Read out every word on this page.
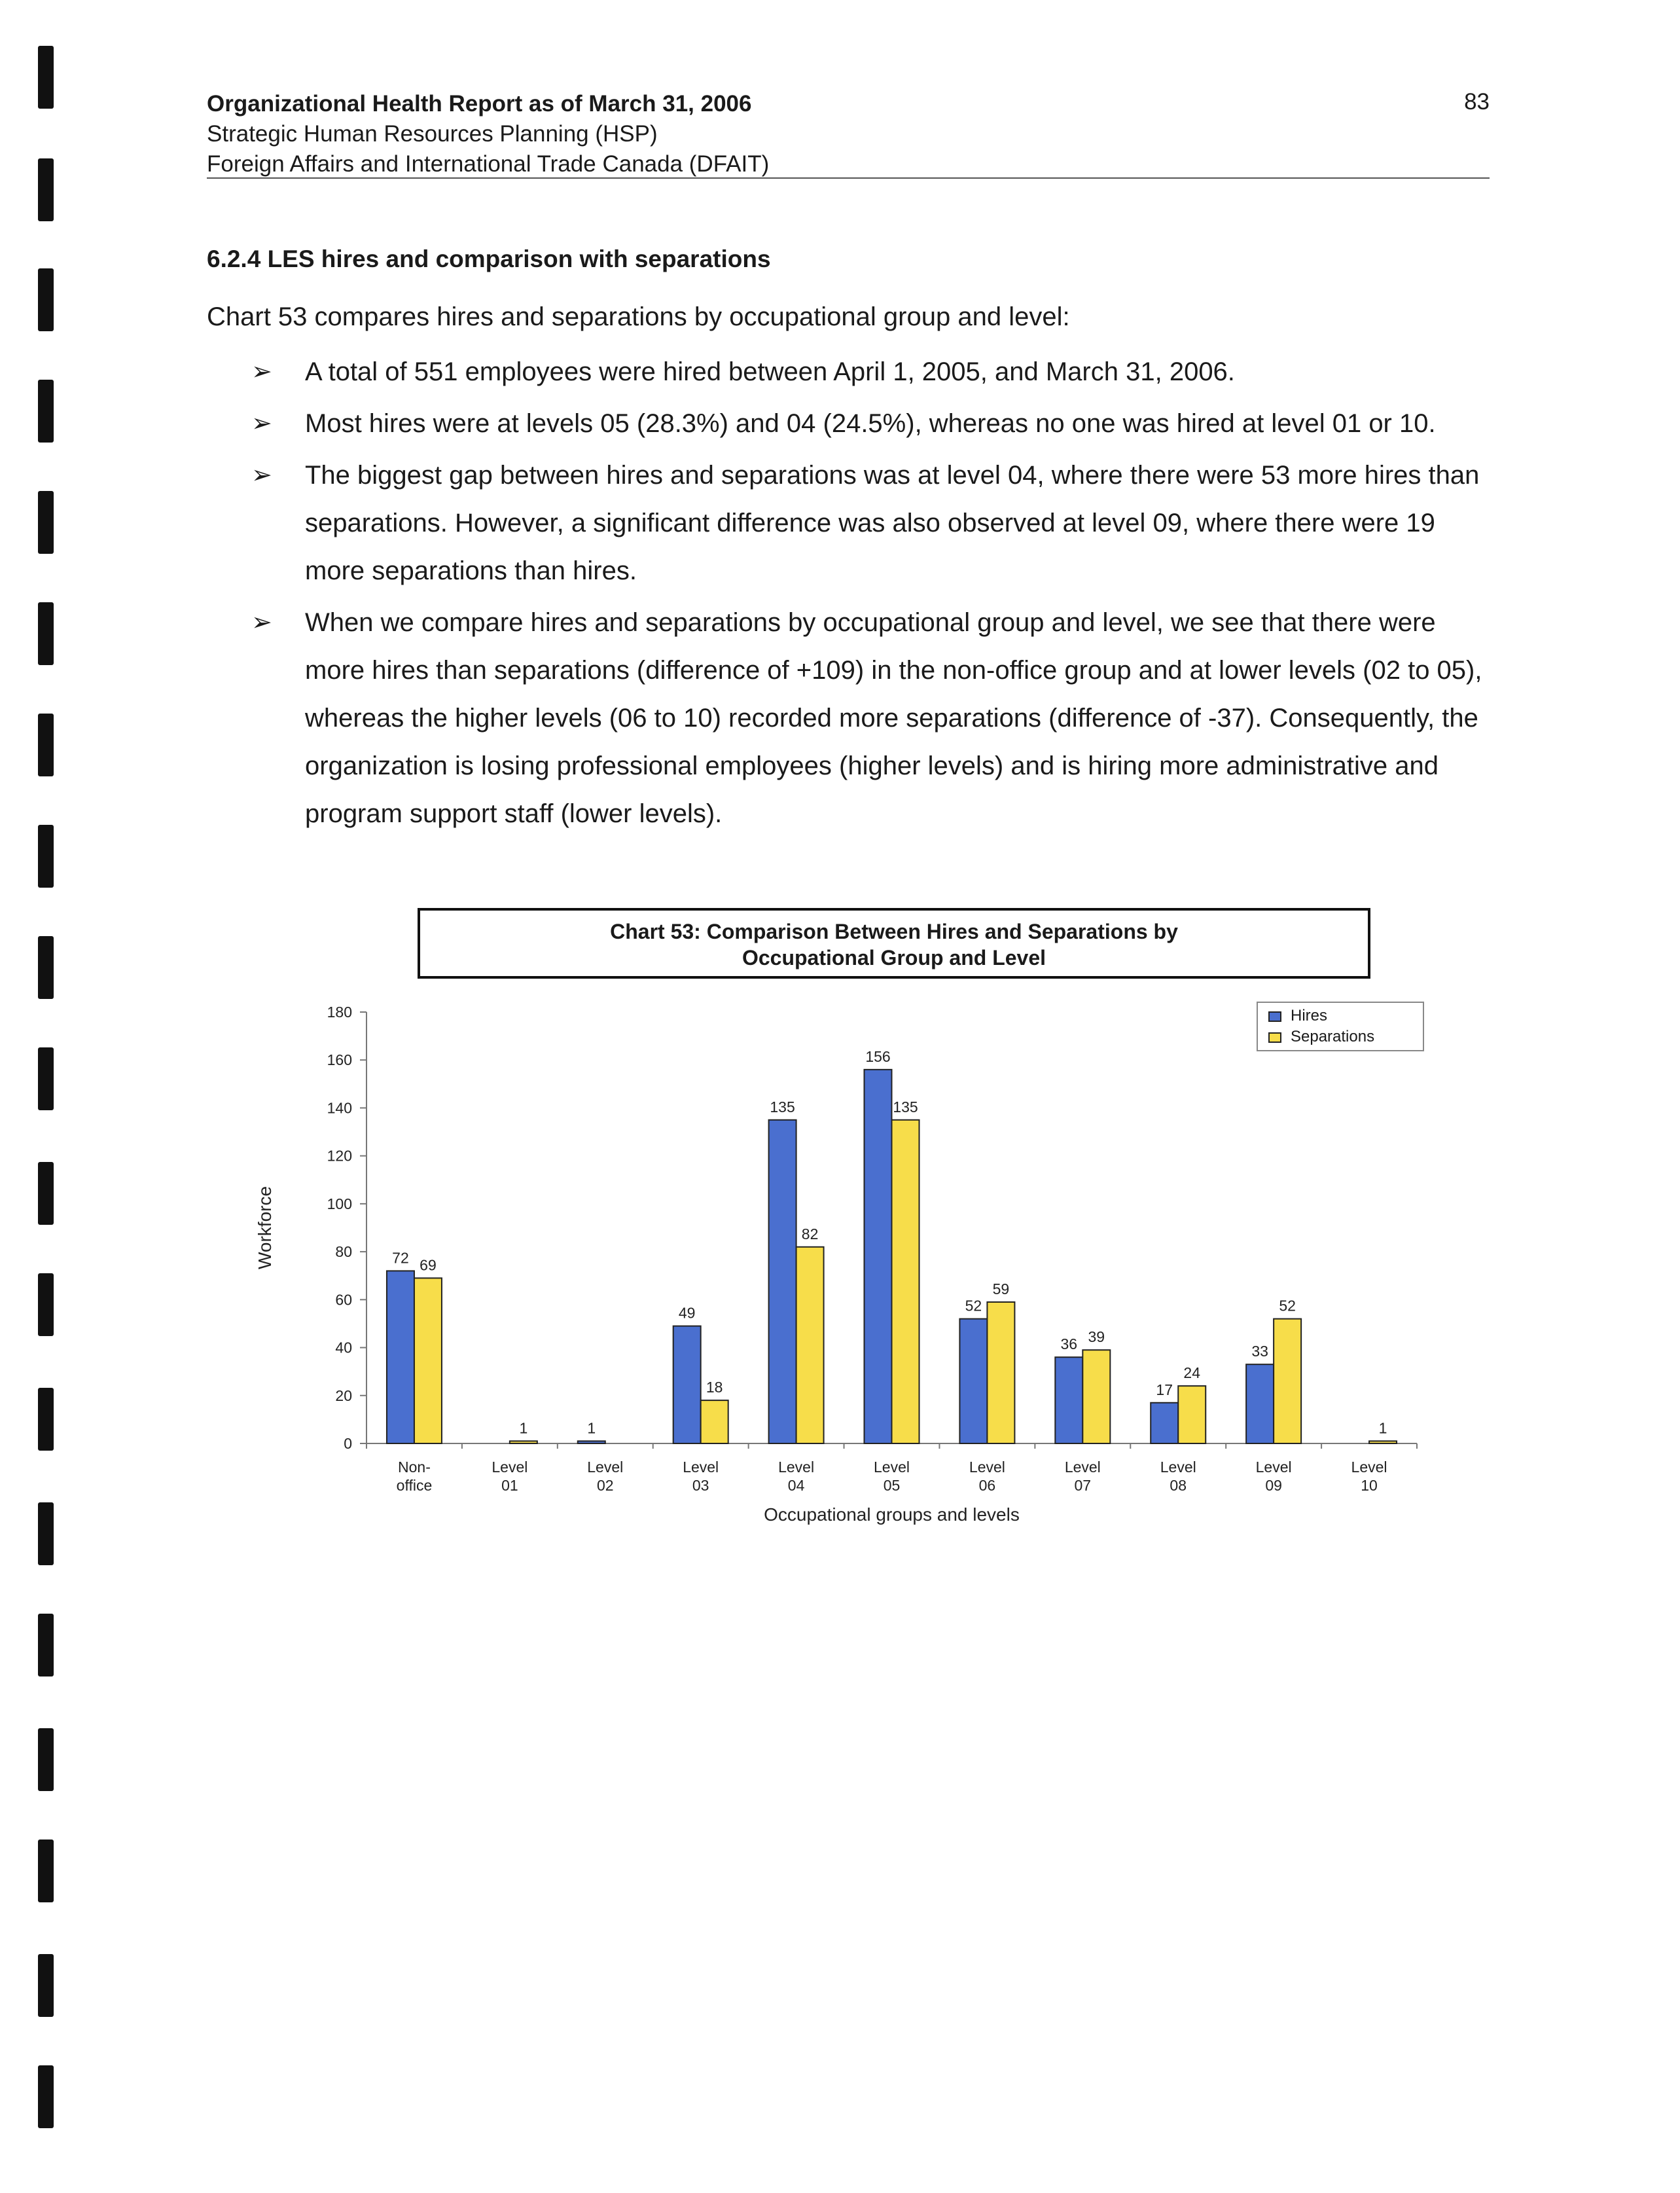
Organizational Health Report as of March 31, 2006
Strategic Human Resources Planning (HSP)
Foreign Affairs and International Trade Canada (DFAIT)
83
6.2.4 LES hires and comparison with separations
Chart 53 compares hires and separations by occupational group and level:
➢ A total of 551 employees were hired between April 1, 2005, and March 31, 2006.
➢ Most hires were at levels 05 (28.3%) and 04 (24.5%), whereas no one was hired at level 01 or 10.
➢ The biggest gap between hires and separations was at level 04, where there were 53 more hires than separations. However, a significant difference was also observed at level 09, where there were 19 more separations than hires.
➢ When we compare hires and separations by occupational group and level, we see that there were more hires than separations (difference of +109) in the non-office group and at lower levels (02 to 05), whereas the higher levels (06 to 10) recorded more separations (difference of -37). Consequently, the organization is losing professional employees (higher levels) and is hiring more administrative and program support staff (lower levels).
Chart 53: Comparison Between Hires and Separations by
Occupational Group and Level
0
20
40
60
80
100
120
140
160
180
72 69
Non-
office
1
Level
01
1
Level
02
49
18
Level
03
135
82
Level
04
156
135
Level
05
52
59
Level
06
36 39
Level
07
17
24
Level
08
33
52
Level
09
1
Level
10
Occupational groups and levels
Workforce
Hires
Separations
